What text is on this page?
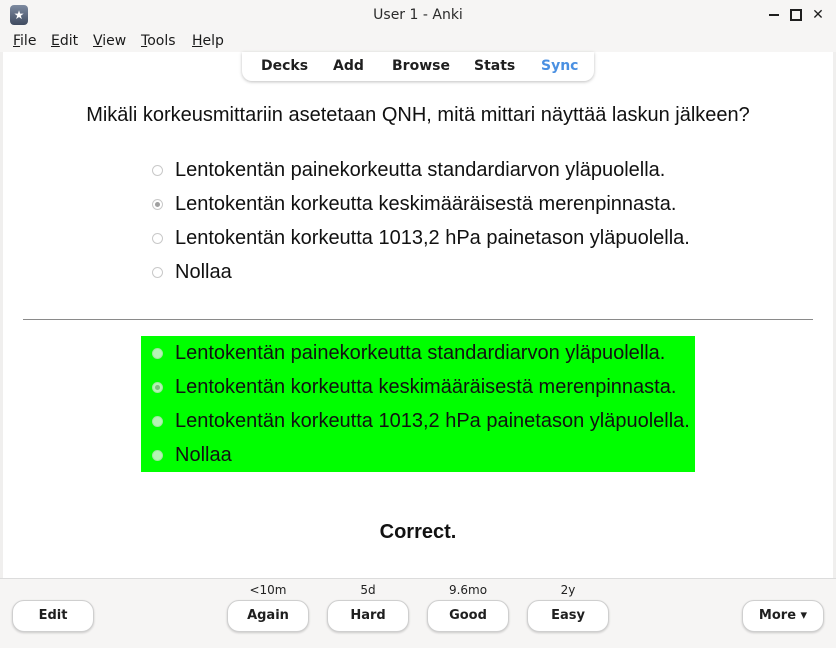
★	User 1 - Anki	✕
File Edit View Tools Help
Decks Add Browse Stats Sync
Mikäli korkeusmittariin asetetaan QNH, mitä mittari näyttää laskun jälkeen?
Lentokentän painekorkeutta standardiarvon yläpuolella.
Lentokentän korkeutta keskimääräisestä merenpinnasta.
Lentokentän korkeutta 1013,2 hPa painetason yläpuolella.
Nollaa
Lentokentän painekorkeutta standardiarvon yläpuolella.
Lentokentän korkeutta keskimääräisestä merenpinnasta.
Lentokentän korkeutta 1013,2 hPa painetason yläpuolella.
Nollaa
Correct.
Edit
<10m
Again
5d
Hard
9.6mo
Good
2y
Easy	More ▾
